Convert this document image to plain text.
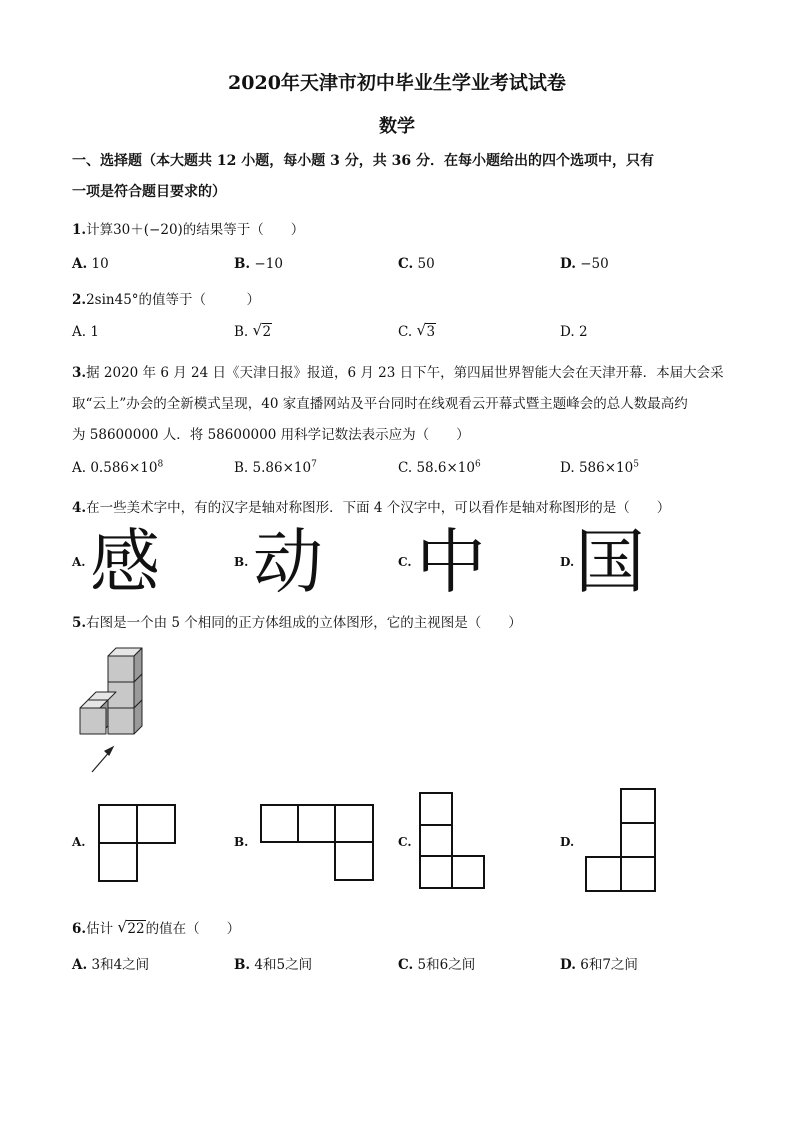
2020年天津市初中毕业生学业考试试卷
数学
一、选择题（本大题共 12 小题，每小题 3 分，共 36 分．在每小题给出的四个选项中，只有
一项是符合题目要求的）
1.计算30＋(−20)的结果等于（　　）
A. 10	B. −10	C. 50	D. −50
2.2sin45°的值等于（　　　）
A. 1	B. √ 2	C. √ 3	D. 2
3.据 2020 年 6 月 24 日《天津日报》报道，6 月 23 日下午，第四届世界智能大会在天津开幕．本届大会采
取“云上”办会的全新模式呈现，40 家直播网站及平台同时在线观看云开幕式暨主题峰会的总人数最高约
为 58600000 人．将 58600000 用科学记数法表示应为（　　）
A. $0.586\times 10^8$	B. $5.86\times 10^7$	C. $58.6\times 10^6$	D. $586\times 10^5$
4.在一些美术字中，有的汉字是轴对称图形．下面 4 个汉字中，可以看作是轴对称图形的是（　　）
A. 感	B. 动	C. 中	D. 国
5.右图是一个由 5 个相同的正方体组成的立体图形，它的主视图是（　　）
A.	B.	C.	D.
6.估计 √ 22的值在（　　）
A. 3和4之间	B. 4和5之间	C. 5和6之间	D. 6和7之间
